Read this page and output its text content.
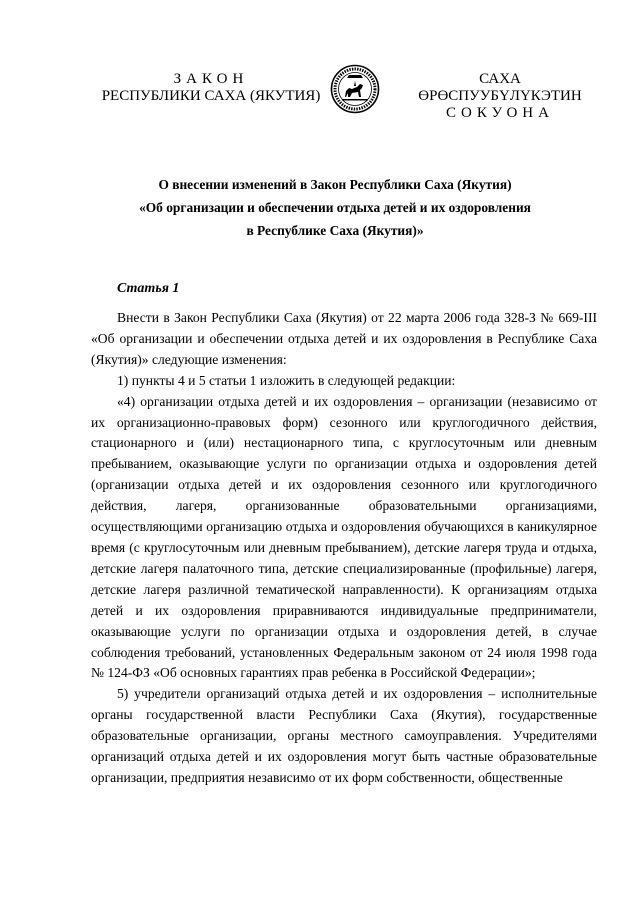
ЗАКОН
РЕСПУБЛИКИ САХА (ЯКУТИЯ)
САХА ӨРӨСПУУБҮЛҮКЭТИН
СОКУОНА
О внесении изменений в Закон Республики Саха (Якутия)
«Об организации и обеспечении отдыха детей и их оздоровления
в Республике Саха (Якутия)»
Статья 1

Внести в Закон Республики Саха (Якутия) от 22 марта 2006 года 328-З № 669-III «Об организации и обеспечении отдыха детей и их оздоровления в Республике Саха (Якутия)» следующие изменения:

1) пункты 4 и 5 статьи 1 изложить в следующей редакции:

«4) организации отдыха детей и их оздоровления – организации (независимо от их организационно-правовых форм) сезонного или круглогодичного действия, стационарного и (или) нестационарного типа, с круглосуточным или дневным пребыванием, оказывающие услуги по организации отдыха и оздоровления детей (организации отдыха детей и их оздоровления сезонного или круглогодичного действия, лагеря, организованные образовательными организациями, осуществляющими организацию отдыха и оздоровления обучающихся в каникулярное время (с круглосуточным или дневным пребыванием), детские лагеря труда и отдыха, детские лагеря палаточного типа, детские специализированные (профильные) лагеря, детские лагеря различной тематической направленности). К организациям отдыха детей и их оздоровления приравниваются индивидуальные предприниматели, оказывающие услуги по организации отдыха и оздоровления детей, в случае соблюдения требований, установленных Федеральным законом от 24 июля 1998 года № 124-ФЗ «Об основных гарантиях прав ребенка в Российской Федерации»;

5) учредители организаций отдыха детей и их оздоровления – исполнительные органы государственной власти Республики Саха (Якутия), государственные образовательные организации, органы местного самоуправления. Учредителями организаций отдыха детей и их оздоровления могут быть частные образовательные организации, предприятия независимо от их форм собственности, общественные
